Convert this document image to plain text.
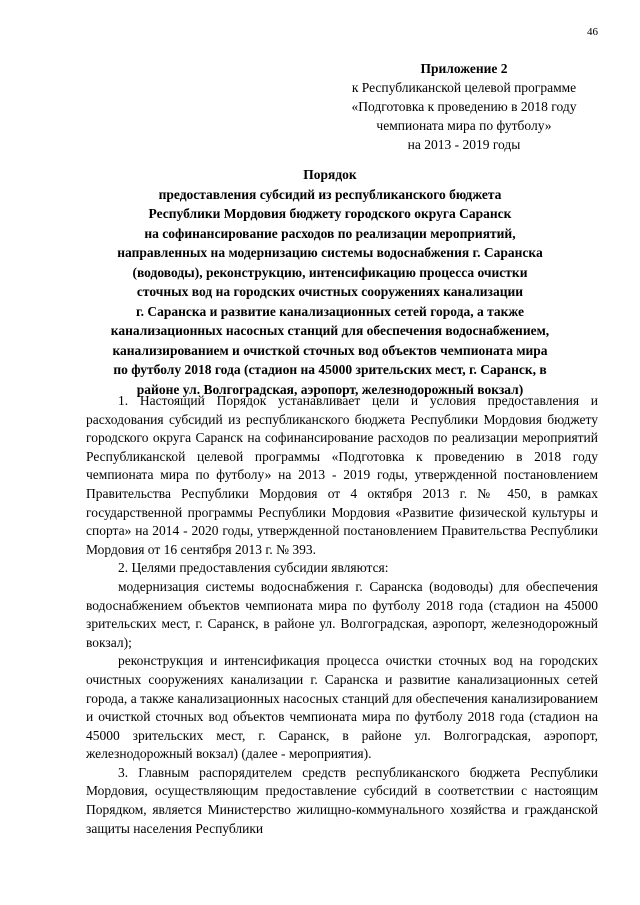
46
Приложение 2
к Республиканской целевой программе
«Подготовка к проведению в 2018 году
чемпионата мира по футболу»
на 2013 - 2019 годы
Порядок
предоставления субсидий из республиканского бюджета
Республики Мордовия бюджету городского округа Саранск
на софинансирование расходов по реализации мероприятий,
направленных на модернизацию системы водоснабжения г. Саранска
(водоводы), реконструкцию, интенсификацию процесса очистки
сточных вод на городских очистных сооружениях канализации
г. Саранска и развитие канализационных сетей города, а также
канализационных насосных станций для обеспечения водоснабжением,
канализированием и очисткой сточных вод объектов чемпионата мира
по футболу 2018 года (стадион на 45000 зрительских мест, г. Саранск, в
районе ул. Волгоградская, аэропорт, железнодорожный вокзал)

1. Настоящий Порядок устанавливает цели и условия предоставления и расходования субсидий из республиканского бюджета Республики Мордовия бюджету городского округа Саранск на софинансирование расходов по реализации мероприятий Республиканской целевой программы «Подготовка к проведению в 2018 году чемпионата мира по футболу» на 2013 - 2019 годы, утвержденной постановлением Правительства Республики Мордовия от 4 октября 2013 г. № 450, в рамках государственной программы Республики Мордовия «Развитие физической культуры и спорта» на 2014 - 2020 годы, утвержденной постановлением Правительства Республики Мордовия от 16 сентября 2013 г. № 393.

2. Целями предоставления субсидии являются:

модернизация системы водоснабжения г. Саранска (водоводы) для обеспечения водоснабжением объектов чемпионата мира по футболу 2018 года (стадион на 45000 зрительских мест, г. Саранск, в районе ул. Волгоградская, аэропорт, железнодорожный вокзал);

реконструкция и интенсификация процесса очистки сточных вод на городских очистных сооружениях канализации г. Саранска и развитие канализационных сетей города, а также канализационных насосных станций для обеспечения канализированием и очисткой сточных вод объектов чемпионата мира по футболу 2018 года (стадион на 45000 зрительских мест, г. Саранск, в районе ул. Волгоградская, аэропорт, железнодорожный вокзал) (далее - мероприятия).

3. Главным распорядителем средств республиканского бюджета Республики Мордовия, осуществляющим предоставление субсидий в соответствии с настоящим Порядком, является Министерство жилищно-коммунального хозяйства и гражданской защиты населения Республики
